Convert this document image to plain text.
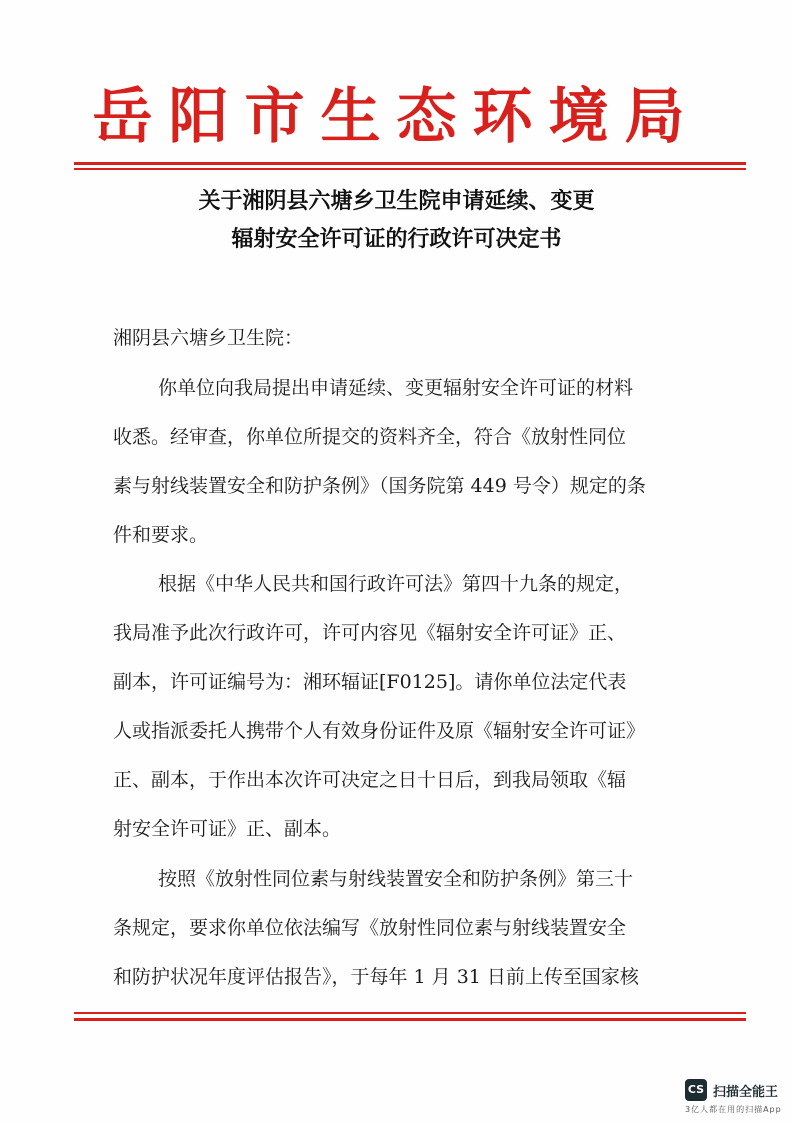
岳阳市生态环境局
关于湘阴县六塘乡卫生院申请延续、变更
辐射安全许可证的行政许可决定书
湘阴县六塘乡卫生院：
你单位向我局提出申请延续、变更辐射安全许可证的材料
收悉。经审查，你单位所提交的资料齐全，符合《放射性同位
素与射线装置安全和防护条例》（国务院第 449 号令）规定的条
件和要求。
根据《中华人民共和国行政许可法》第四十九条的规定，
我局准予此次行政许可，许可内容见《辐射安全许可证》正、
副本，许可证编号为：湘环辐证[F0125]。请你单位法定代表
人或指派委托人携带个人有效身份证件及原《辐射安全许可证》
正、副本，于作出本次许可决定之日十日后，到我局领取《辐
射安全许可证》正、副本。
按照《放射性同位素与射线装置安全和防护条例》第三十
条规定，要求你单位依法编写《放射性同位素与射线装置安全
和防护状况年度评估报告》，于每年 1 月 31 日前上传至国家核
CS 扫描全能王
3亿人都在用的扫描App
